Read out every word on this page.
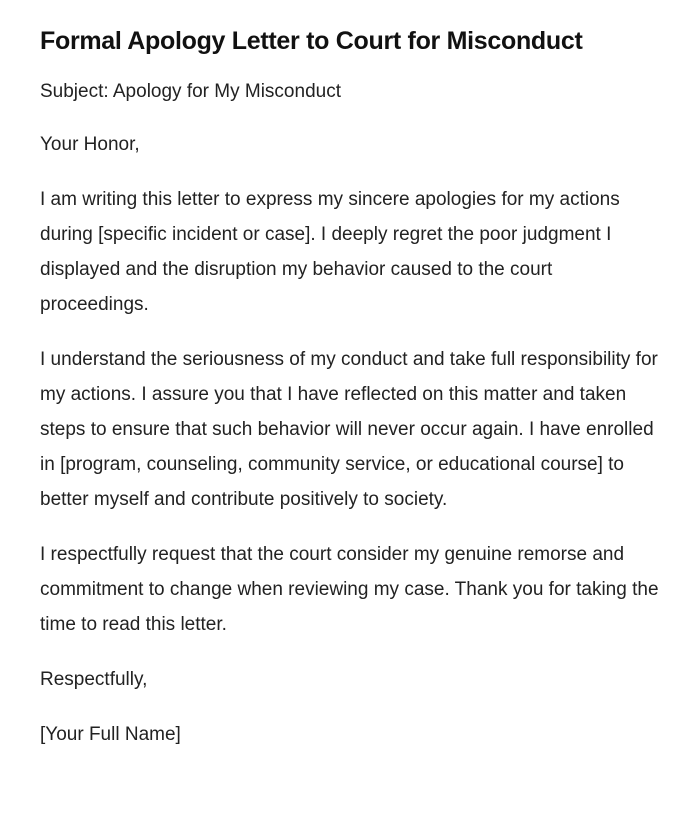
Formal Apology Letter to Court for Misconduct

Subject: Apology for My Misconduct

Your Honor,

I am writing this letter to express my sincere apologies for my actions during [specific incident or case]. I deeply regret the poor judgment I displayed and the disruption my behavior caused to the court proceedings.

I understand the seriousness of my conduct and take full responsibility for my actions. I assure you that I have reflected on this matter and taken steps to ensure that such behavior will never occur again. I have enrolled in [program, counseling, community service, or educational course] to better myself and contribute positively to society.

I respectfully request that the court consider my genuine remorse and commitment to change when reviewing my case. Thank you for taking the time to read this letter.

Respectfully,

[Your Full Name]
